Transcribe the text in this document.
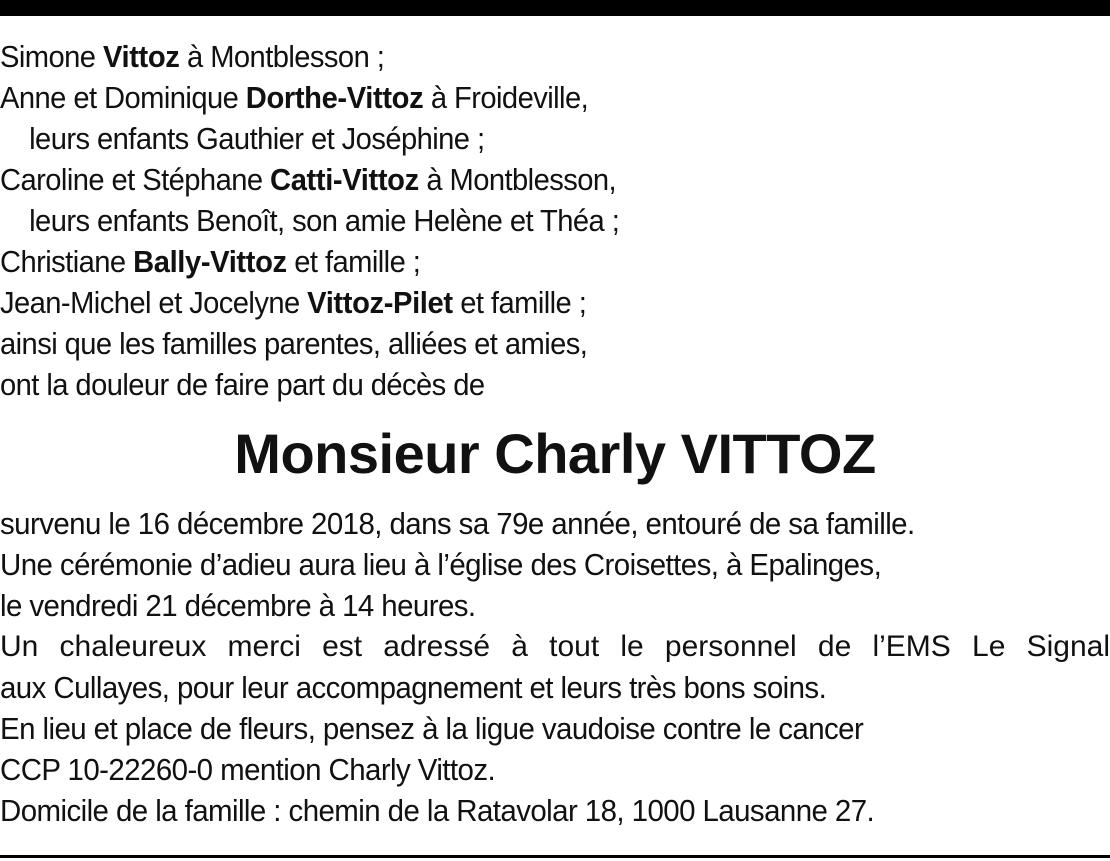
Simone Vittoz à Montblesson ;
Anne et Dominique Dorthe-Vittoz à Froideville,
leurs enfants Gauthier et Joséphine ;
Caroline et Stéphane Catti-Vittoz à Montblesson,
leurs enfants Benoît, son amie Helène et Théa ;
Christiane Bally-Vittoz et famille ;
Jean-Michel et Jocelyne Vittoz-Pilet et famille ;
ainsi que les familles parentes, alliées et amies,
ont la douleur de faire part du décès de
Monsieur Charly VITTOZ
survenu le 16 décembre 2018, dans sa 79e année, entouré de sa famille.
Une cérémonie d’adieu aura lieu à l’église des Croisettes, à Epalinges,
le vendredi 21 décembre à 14 heures.
Un chaleureux merci est adressé à tout le personnel de l’EMS Le Signal
aux Cullayes, pour leur accompagnement et leurs très bons soins.
En lieu et place de fleurs, pensez à la ligue vaudoise contre le cancer
CCP 10-22260-0 mention Charly Vittoz.
Domicile de la famille : chemin de la Ratavolar 18, 1000 Lausanne 27.
